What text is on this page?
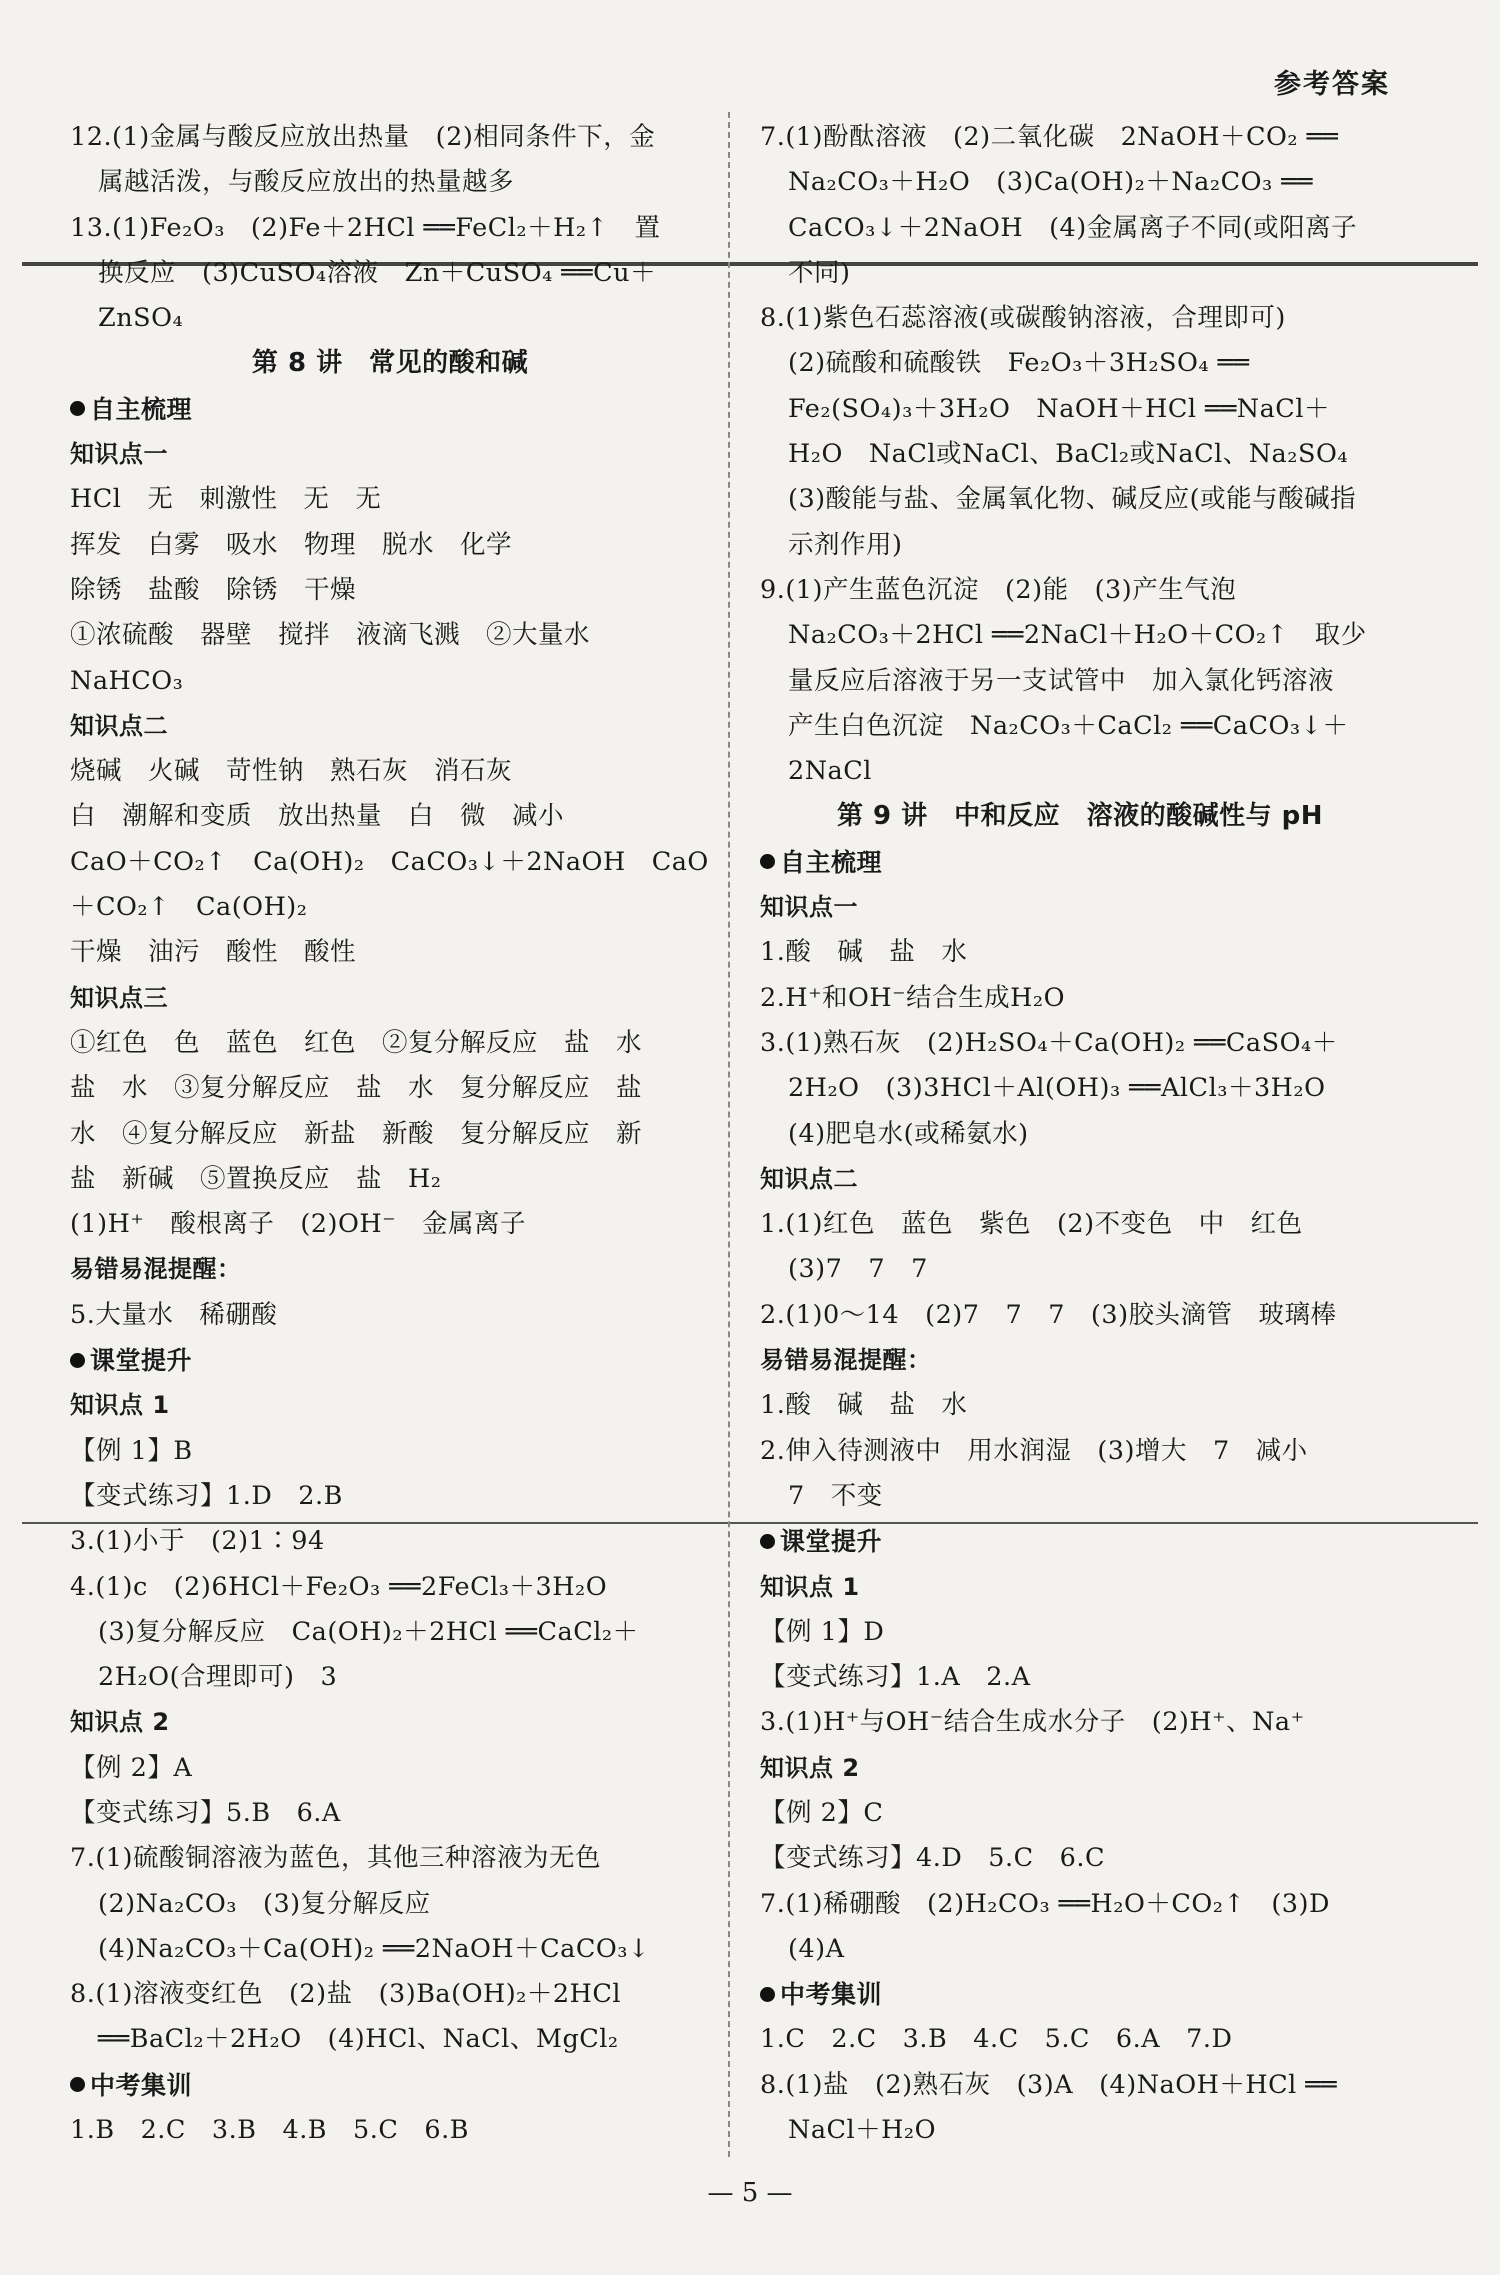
参考答案
12.(1)金属与酸反应放出热量　(2)相同条件下，金
属越活泼，与酸反应放出的热量越多
13.(1)Fe₂O₃　(2)Fe＋2HCl ══FeCl₂＋H₂↑　置
换反应　(3)CuSO₄溶液　Zn＋CuSO₄ ══Cu＋
ZnSO₄
第 8 讲　常见的酸和碱
自主梳理
知识点一
HCl　无　刺激性　无　无
挥发　白雾　吸水　物理　脱水　化学
除锈　盐酸　除锈　干燥
①浓硫酸　器壁　搅拌　液滴飞溅　②大量水
NaHCO₃
知识点二
烧碱　火碱　苛性钠　熟石灰　消石灰
白　潮解和变质　放出热量　白　微　减小
CaO＋CO₂↑　Ca(OH)₂　CaCO₃↓＋2NaOH　CaO
＋CO₂↑　Ca(OH)₂
干燥　油污　酸性　酸性
知识点三
①红色　色　蓝色　红色　②复分解反应　盐　水
盐　水　③复分解反应　盐　水　复分解反应　盐
水　④复分解反应　新盐　新酸　复分解反应　新
盐　新碱　⑤置换反应　盐　H₂
(1)H⁺　酸根离子　(2)OH⁻　金属离子
易错易混提醒：
5.大量水　稀硼酸
课堂提升
知识点 1
【例 1】B
【变式练习】1.D　2.B
3.(1)小于　(2)1∶94
4.(1)c　(2)6HCl＋Fe₂O₃ ══2FeCl₃＋3H₂O
(3)复分解反应　Ca(OH)₂＋2HCl ══CaCl₂＋
2H₂O(合理即可)　3
知识点 2
【例 2】A
【变式练习】5.B　6.A
7.(1)硫酸铜溶液为蓝色，其他三种溶液为无色
(2)Na₂CO₃　(3)复分解反应
(4)Na₂CO₃＋Ca(OH)₂ ══2NaOH＋CaCO₃↓
8.(1)溶液变红色　(2)盐　(3)Ba(OH)₂＋2HCl
══BaCl₂＋2H₂O　(4)HCl、NaCl、MgCl₂
中考集训
1.B　2.C　3.B　4.B　5.C　6.B
7.(1)酚酞溶液　(2)二氧化碳　2NaOH＋CO₂ ══
Na₂CO₃＋H₂O　(3)Ca(OH)₂＋Na₂CO₃ ══
CaCO₃↓＋2NaOH　(4)金属离子不同(或阳离子
不同)
8.(1)紫色石蕊溶液(或碳酸钠溶液，合理即可)
(2)硫酸和硫酸铁　Fe₂O₃＋3H₂SO₄ ══
Fe₂(SO₄)₃＋3H₂O　NaOH＋HCl ══NaCl＋
H₂O　NaCl或NaCl、BaCl₂或NaCl、Na₂SO₄
(3)酸能与盐、金属氧化物、碱反应(或能与酸碱指
示剂作用)
9.(1)产生蓝色沉淀　(2)能　(3)产生气泡
Na₂CO₃＋2HCl ══2NaCl＋H₂O＋CO₂↑　取少
量反应后溶液于另一支试管中　加入氯化钙溶液
产生白色沉淀　Na₂CO₃＋CaCl₂ ══CaCO₃↓＋
2NaCl
第 9 讲　中和反应　溶液的酸碱性与 pH
自主梳理
知识点一
1.酸　碱　盐　水
2.H⁺和OH⁻结合生成H₂O
3.(1)熟石灰　(2)H₂SO₄＋Ca(OH)₂ ══CaSO₄＋
2H₂O　(3)3HCl＋Al(OH)₃ ══AlCl₃＋3H₂O
(4)肥皂水(或稀氨水)
知识点二
1.(1)红色　蓝色　紫色　(2)不变色　中　红色
(3)7　7　7
2.(1)0～14　(2)7　7　7　(3)胶头滴管　玻璃棒
易错易混提醒：
1.酸　碱　盐　水
2.伸入待测液中　用水润湿　(3)增大　7　减小
7　不变
课堂提升
知识点 1
【例 1】D
【变式练习】1.A　2.A
3.(1)H⁺与OH⁻结合生成水分子　(2)H⁺、Na⁺
知识点 2
【例 2】C
【变式练习】4.D　5.C　6.C
7.(1)稀硼酸　(2)H₂CO₃ ══H₂O＋CO₂↑　(3)D
(4)A
中考集训
1.C　2.C　3.B　4.C　5.C　6.A　7.D
8.(1)盐　(2)熟石灰　(3)A　(4)NaOH＋HCl ══
NaCl＋H₂O
— 5 —
